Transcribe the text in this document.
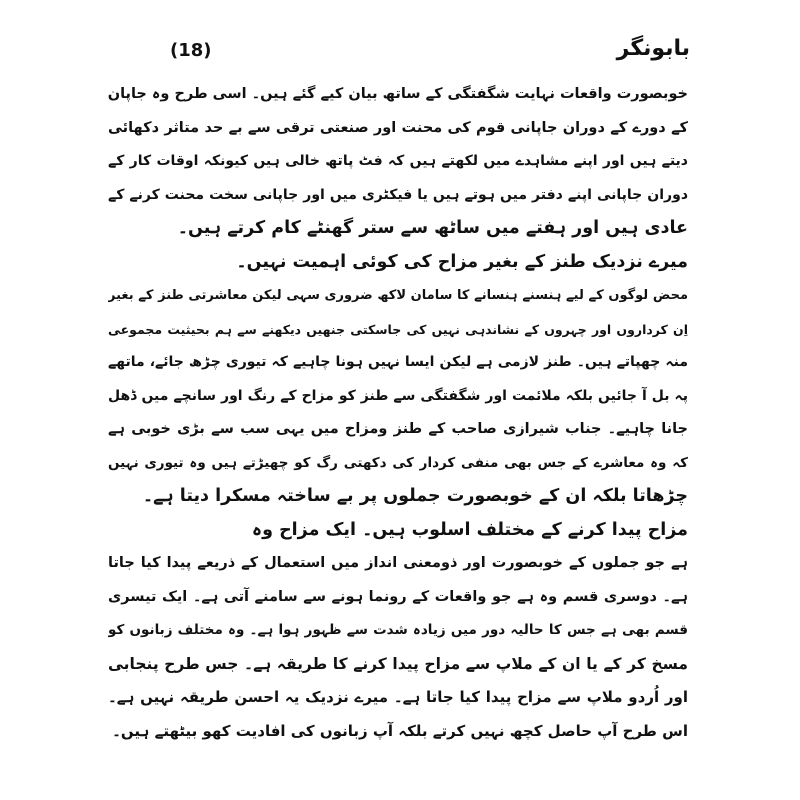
(18)	بابونگر
خوبصورت واقعات نہایت شگفتگی کے ساتھ بیان کیے گئے ہیں۔ اسی طرح وہ جاپان
کے دورے کے دوران جاپانی قوم کی محنت اور صنعتی ترقی سے بے حد متاثر دکھائی
دیتے ہیں اور اپنے مشاہدے میں لکھتے ہیں کہ فٹ پاتھ خالی ہیں کیونکہ اوقات کار کے
دوران جاپانی اپنے دفتر میں ہوتے ہیں یا فیکٹری میں اور جاپانی سخت محنت کرنے کے
عادی ہیں اور ہفتے میں ساٹھ سے ستر گھنٹے کام کرتے ہیں۔
میرے نزدیک طنز کے بغیر مزاح کی کوئی اہمیت نہیں۔
محض لوگوں کے لیے ہنسنے ہنسانے کا سامان لاکھ ضروری سہی لیکن معاشرتی طنز کے بغیر
اِن کرداروں اور چہروں کے نشاندہی نہیں کی جاسکتی جنھیں دیکھنے سے ہم بحیثیت مجموعی
منہ چھپاتے ہیں۔ طنز لازمی ہے لیکن ایسا نہیں ہونا چاہیے کہ تیوری چڑھ جائے، ماتھے
پہ بل آ جائیں بلکہ ملائمت اور شگفتگی سے طنز کو مزاح کے رنگ اور سانچے میں ڈھل
جانا چاہیے۔ جناب شیرازی صاحب کے طنز ومزاح میں یہی سب سے بڑی خوبی ہے
کہ وہ معاشرے کے جس بھی منفی کردار کی دکھتی رگ کو چھیڑتے ہیں وہ تیوری نہیں
چڑھاتا بلکہ ان کے خوبصورت جملوں پر بے ساختہ مسکرا دیتا ہے۔
مزاح پیدا کرنے کے مختلف اسلوب ہیں۔ ایک مزاح وہ
ہے جو جملوں کے خوبصورت اور ذومعنی انداز میں استعمال کے ذریعے پیدا کیا جاتا
ہے۔ دوسری قسم وہ ہے جو واقعات کے رونما ہونے سے سامنے آتی ہے۔ ایک تیسری
قسم بھی ہے جس کا حالیہ دور میں زیادہ شدت سے ظہور ہوا ہے۔ وہ مختلف زبانوں کو
مسخ کر کے یا ان کے ملاپ سے مزاح پیدا کرنے کا طریقہ ہے۔ جس طرح پنجابی
اور اُردو ملاپ سے مزاح پیدا کیا جاتا ہے۔ میرے نزدیک یہ احسن طریقہ نہیں ہے۔
اس طرح آپ حاصل کچھ نہیں کرتے بلکہ آپ زبانوں کی افادیت کھو بیٹھتے ہیں۔
